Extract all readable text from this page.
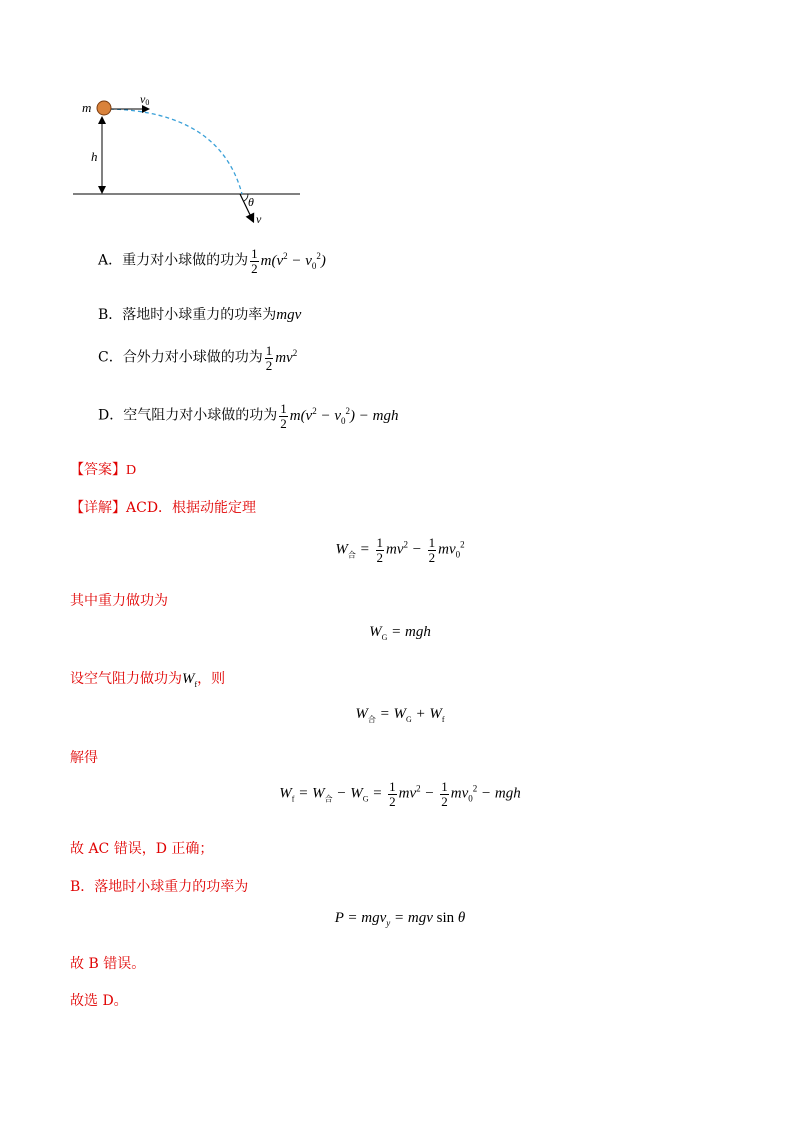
m
v0
h
θ
v
A．重力对小球做的功为 $\frac{1}{2} m(v^2 - v_0^2)$
B．落地时小球重力的功率为mgv
C．合外力对小球做的功为 $\frac{1}{2} mv^2$
D．空气阻力对小球做的功为 $\frac{1}{2} m(v^2 - v_0^2)$ − mgh
【答案】D
【详解】ACD．根据动能定理
$W_合 = \frac{1}{2} mv^2 - \frac{1}{2} mv_0^2$
其中重力做功为
$W_G$ = mgh
设空气阻力做功为$W_f$，则
$W_合 = W_G + W_f$
解得
$W_f = W_合 - W_G = \frac{1}{2} mv^2 - \frac{1}{2} mv_0^2$ − mgh
故 AC 错误，D 正确；
B．落地时小球重力的功率为
P = mgv$_y$ = mgv sin θ
故 B 错误。
故选 D。
